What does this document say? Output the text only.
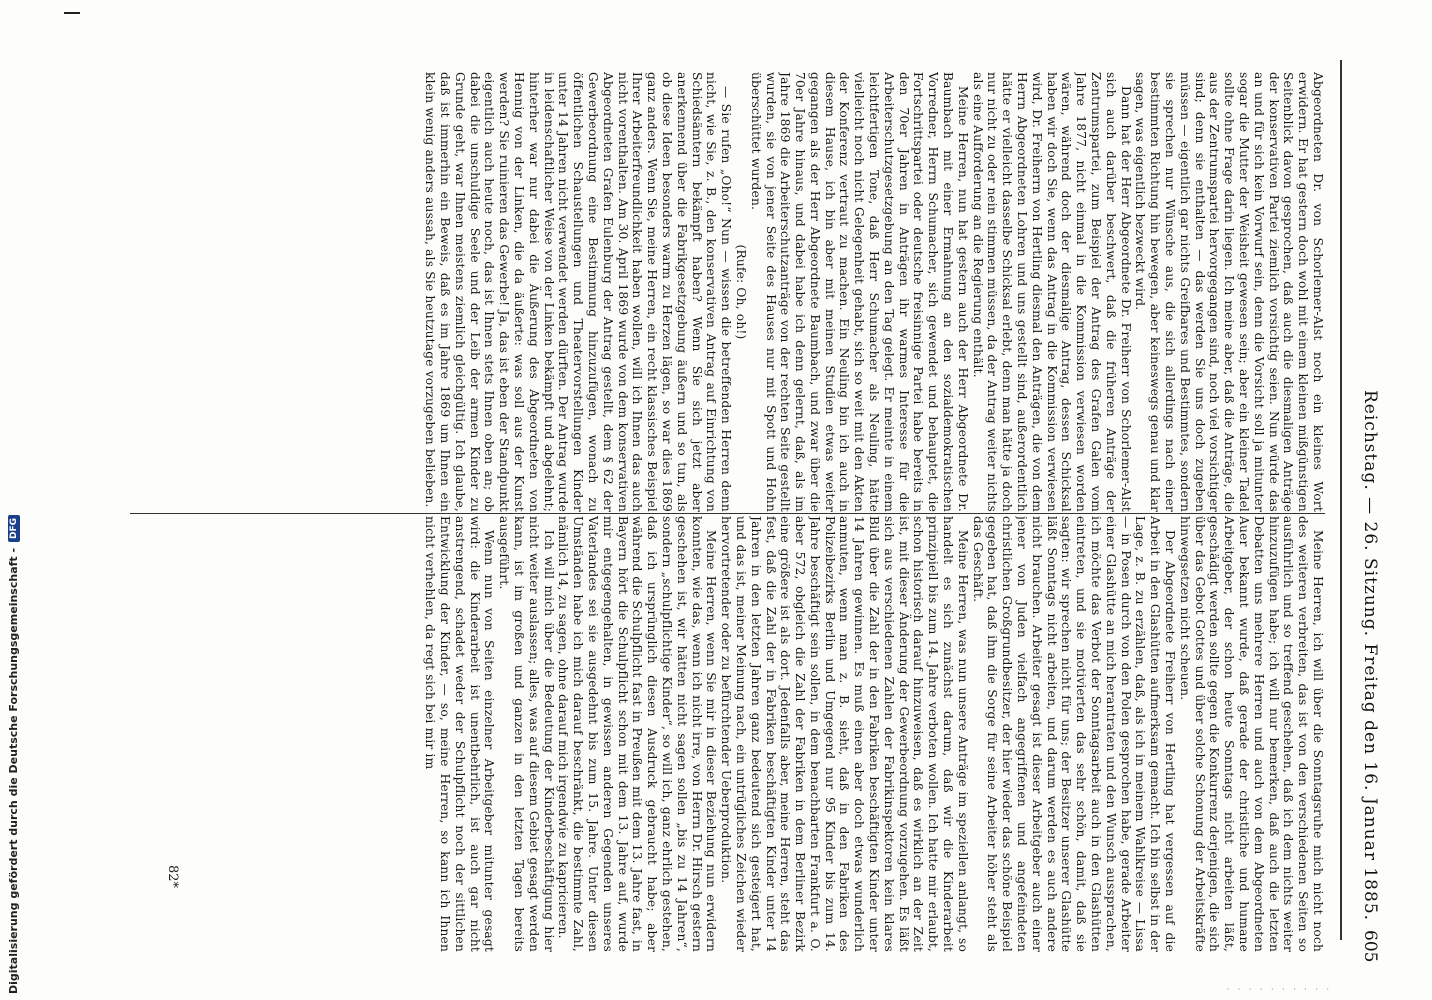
Digitalisierung gefördert durch die Deutsche Forschungsgemeinschaft -
DFG	Reichstag. — 26. Sitzung. Freitag den 16. Januar 1885.
605

Abgeordneten Dr. von Schorlemer-Alst noch ein kleines Wort erwidern. Er hat gestern doch wohl mit einem kleinen mißgünstigen Seitenblick davon gesprochen, daß auch die diesmaligen Anträge der konservativen Partei ziemlich vorsichtig seien. Nun würde das an und für sich kein Vorwurf sein, denn die Vorsicht soll ja mitunter sogar die Mutter der Weisheit gewesen sein; aber ein kleiner Tadel sollte ohne Frage darin liegen. Ich meine aber, daß die Anträge, die aus der Zentrumspartei hervorgegangen sind, noch viel vorsichtiger sind; denn sie enthalten — das werden Sie uns doch zugeben müssen — eigentlich gar nichts Greifbares und Bestimmtes, sondern sie sprechen nur Wünsche aus, die sich allerdings nach einer bestimmten Richtung hin bewegen, aber keineswegs genau und klar sagen, was eigentlich bezweckt wird.

Dann hat der Herr Abgeordnete Dr. Freiherr von Schorlemer-Alst sich auch darüber beschwert, daß die früheren Anträge der Zentrumspartei, zum Beispiel der Antrag des Grafen Galen vom Jahre 1877, nicht einmal in die Kommission verwiesen worden wären, während doch der diesmalige Antrag, dessen Schicksal haben wir doch Sie, wenn das Antrag in die Kommission verwiesen wird, Dr. Freiherrn von Hertling diesmal den Anträgen, die von dem Herrn Abgeordneten Lohren und uns gestellt sind, außerordentlich hätte er vielleicht dasselbe Schicksal erlebt, denn man hätte ja doch nur nicht zu oder nein stimmen müssen, da der Antrag weiter nichts als eine Aufforderung an die Regierung enthält.

Meine Herren, nun hat gestern auch der Herr Abgeordnete Dr. Baumbach mit einer Ermahnung an den sozialdemokratischen Vorredner, Herrn Schumacher, sich gewendet und behauptet, die Fortschrittspartei oder deutsche freisinnige Partei habe bereits in den 70er Jahren in Anträgen ihr warmes Interesse für die Arbeiterschutzgesetzgebung an den Tag gelegt. Er meinte in einem leichtfertigen Tone, daß Herr Schumacher als Neuling, hätte vielleicht noch nicht Gelegenheit gehabt, sich so weit mit den Akten der Konferenz vertraut zu machen. Ein Neuling bin ich auch in diesem Hause, ich bin aber mit meinen Studien etwas weiter gegangen als der Herr Abgeordnete Baumbach, und zwar über die 70er Jahre hinaus, und dabei habe ich denn gelernt, daß, als im Jahre 1869 die Arbeiterschutzanträge von der rechten Seite gestellt wurden, sie von jener Seite des Hauses nur mit Spott und Hohn überschüttet wurden.

(Rufe: Oh, oh!)

— Sie rufen „Oho!“ Nun — wissen die betreffenden Herren denn nicht, wie Sie, z. B., den konservativen Antrag auf Einrichtung von Schiedsämtern bekämpft haben? Wenn Sie sich jetzt aber anerkennend über die Fabrikgesetzgebung äußern und so tun, als ob diese Ideen besonders warm zu Herzen lägen, so war dies 1869 ganz anders. Wenn Sie, meine Herren, ein recht klassisches Beispiel Ihrer Arbeiterfreundlichkeit haben wollen, will ich Ihnen das auch nicht vorenthalten. Am 30. April 1869 wurde von dem konservativen Abgeordneten Grafen Eulenburg der Antrag gestellt, dem § 62 der Gewerbeordnung eine Bestimmung hinzuzufügen, wonach zu öffentlichen Schaustellungen und Theatervorstellungen Kinder unter 14 Jahren nicht verwendet werden dürften. Der Antrag wurde in leidenschaftlicher Weise von der Linken bekämpft und abgelehnt; hinterher war nur dabei die Äußerung des Abgeordneten von Hennig von der Linken, die da äußerte: was soll aus der Kunst werden? Sie ruinieren das Gewerbe! Ja, das ist eben der Standpunkt eigentlich auch heute noch, das ist Ihnen stets Ihnen oben an; ob dabei die unschuldige Seele und der Leib der armen Kinder zu Grunde geht, war Ihnen meistens ziemlich gleichgültig. Ich glaube, daß ist immerhin ein Beweis, daß es im Jahre 1869 um Ihnen ein klein wenig anders aussah, als Sie heutzutage vorzugeben belieben.

Meine Herren, ich will über die Sonntagsruhe mich nicht noch des weiteren verbreiten, das ist von den verschiedenen Seiten so ausführlich und so treffend geschehen, daß ich dem nichts weiter hinzuzufügen habe; ich will nur bemerken, daß auch die letzten Debatten uns mehrere Herren und auch von dem Abgeordneten Auer bekannt wurde, daß gerade der christliche und humane Arbeitgeber, der schon heute Sonntags nicht arbeiten läßt, geschädigt werden sollte gegen die Konkurrenz derjenigen, die sich über das Gebot Gottes und über solche Schonung der Arbeitskräfte hinwegsetzen nicht scheuen.

Der Abgeordnete Freiherr von Hertling hat vergessen auf die Arbeit in den Glashütten aufmerksam gemacht. Ich bin selbst in der Lage, z. B. zu erzählen, daß, als ich in meinem Wahlkreise — Lissa — in Posen durch von den Polen gesprochen habe, gerade Arbeiter einer Glashütte an mich herantraten und den Wunsch aussprachen, ich möchte das Verbot der Sonntagsarbeit auch in den Glashütten eintreten, und sie motivierten das sehr schön, damit, daß sie sagten: wir sprechen nicht für uns; der Besitzer unserer Glashütte läßt Sonntags nicht arbeiten, und darum werden es auch andere nicht brauchen. Arbeiter gesagt ist dieser Arbeitgeber auch einer jener von Juden vielfach angegriffenen und angefeindeten christlichen Großgrundbesitzer, der hier wieder das schöne Beispiel gegeben hat, daß ihm die Sorge für seine Arbeiter höher steht als das Geschäft.

Meine Herren, was nun unsere Anträge im speziellen anlangt, so handelt es sich zunächst darum, daß wir die Kinderarbeit prinzipiell bis zum 14. Jahre verboten wollen. Ich hatte mir erlaubt, schon historisch darauf hinzuweisen, daß es wirklich an der Zeit ist, mit dieser Änderung der Gewerbeordnung vorzugehen. Es läßt sich aus verschiedenen Zahlen der Fabrikinspektoren kein klares Bild über die Zahl der in den Fabriken beschäftigten Kinder unter 14 Jahren gewinnen. Es muß einen aber doch etwas wunderlich anmuten, wenn man z. B. sieht, daß in den Fabriken des Polizeibezirks Berlin und Umgegend nur 95 Kinder bis zum 14. Jahre beschäftigt sein sollen, in dem benachbarten Frankfurt a. O. aber 572, obgleich die Zahl der Fabriken in dem Berliner Bezirk eine größere ist als dort. Jedenfalls aber, meine Herren, steht das fest, daß die Zahl der in Fabriken beschäftigten Kinder unter 14 Jahren in den letzten Jahren ganz bedeutend sich gesteigert hat, und das ist, meiner Meinung nach, ein untrügliches Zeichen wieder hervortretender oder zu befürchtender Ueberproduktion.

Meine Herren, wenn Sie mir in dieser Beziehung nun erwidern konnten, wie das, wenn ich nicht irre, von Herrn Dr. Hirsch gestern geschehen ist, wir hätten nicht sagen sollen „bis zu 14 Jahren“, sondern „schulpflichtige Kinder“, so will ich, ganz ehrlich gestehen, daß ich ursprünglich diesen Ausdruck gebraucht habe; aber während die Schulpflicht fast in Preußen mit dem 13. Jahre fast, in Bayern hört die Schulpflicht schon mit dem 13. Jahre auf, wurde mir entgegengehalten, in gewissen anderen Gegenden unseres Vaterlandes sei sie ausgedehnt bis zum 15. Jahre. Unter diesen Umständen habe ich mich darauf beschränkt, die bestimmte Zahl, nämlich 14, zu sagen, ohne darauf mich irgendwie zu kapricieren.

Ich will mich über die Bedeutung der Kinderbeschäftigung hier nicht weiter auslassen; alles, was auf diesem Gebiet gesagt werden kann, ist im großen und ganzen in den letzten Tagen bereits ausgeführt.

Wenn nun von Seiten einzelner Arbeitgeber mitunter gesagt wird: die Kinderarbeit ist unentbehrlich, ist auch gar nicht anstrengend, schadet weder der Schulpflicht noch der sittlichen Entwicklung der Kinder, — so, meine Herren, so kann ich Ihnen nicht verhehlen, da regt sich bei mir im

82*
· · · · · · · · · ·
